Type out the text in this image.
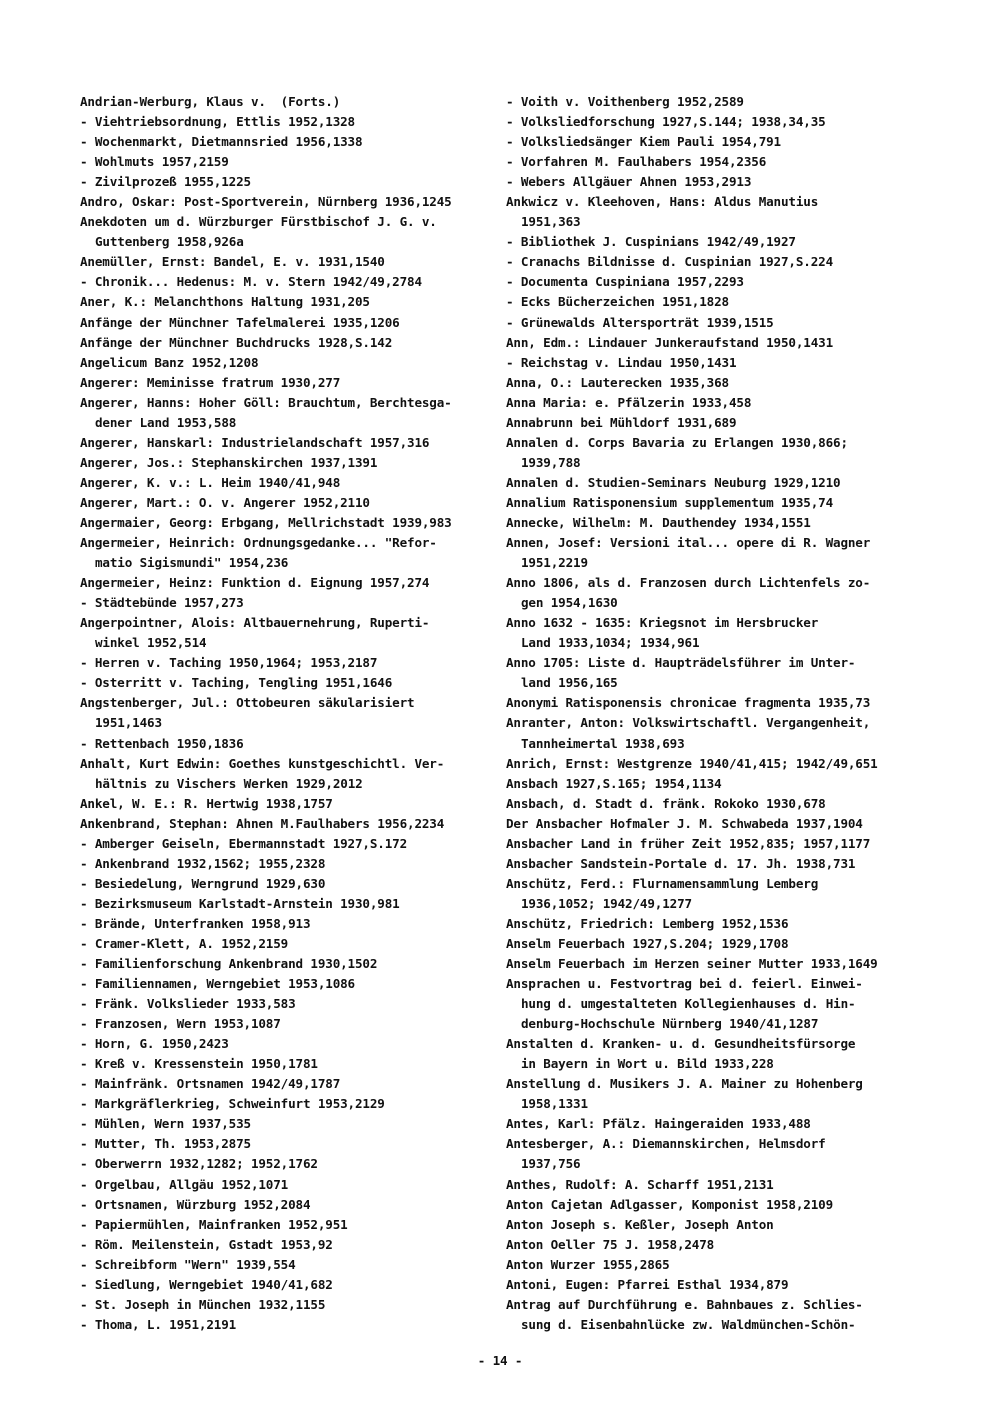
Andrian-Werburg, Klaus v.  (Forts.)
- Viehtriebsordnung, Ettlis 1952,1328
- Wochenmarkt, Dietmannsried 1956,1338
- Wohlmuts 1957,2159
- Zivilprozeß 1955,1225
Andro, Oskar: Post-Sportverein, Nürnberg 1936,1245
Anekdoten um d. Würzburger Fürstbischof J. G. v.
Guttenberg 1958,926a
Anemüller, Ernst: Bandel, E. v. 1931,1540
- Chronik... Hedenus: M. v. Stern 1942/49,2784
Aner, K.: Melanchthons Haltung 1931,205
Anfänge der Münchner Tafelmalerei 1935,1206
Anfänge der Münchner Buchdrucks 1928,S.142
Angelicum Banz 1952,1208
Angerer: Meminisse fratrum 1930,277
Angerer, Hanns: Hoher Göll: Brauchtum, Berchtesga-
dener Land 1953,588
Angerer, Hanskarl: Industrielandschaft 1957,316
Angerer, Jos.: Stephanskirchen 1937,1391
Angerer, K. v.: L. Heim 1940/41,948
Angerer, Mart.: O. v. Angerer 1952,2110
Angermaier, Georg: Erbgang, Mellrichstadt 1939,983
Angermeier, Heinrich: Ordnungsgedanke... "Refor-
matio Sigismundi" 1954,236
Angermeier, Heinz: Funktion d. Eignung 1957,274
- Städtebünde 1957,273
Angerpointner, Alois: Altbauernehrung, Ruperti-
winkel 1952,514
- Herren v. Taching 1950,1964; 1953,2187
- Osterritt v. Taching, Tengling 1951,1646
Angstenberger, Jul.: Ottobeuren säkularisiert
1951,1463
- Rettenbach 1950,1836
Anhalt, Kurt Edwin: Goethes kunstgeschichtl. Ver-
hältnis zu Vischers Werken 1929,2012
Ankel, W. E.: R. Hertwig 1938,1757
Ankenbrand, Stephan: Ahnen M.Faulhabers 1956,2234
- Amberger Geiseln, Ebermannstadt 1927,S.172
- Ankenbrand 1932,1562; 1955,2328
- Besiedelung, Werngrund 1929,630
- Bezirksmuseum Karlstadt-Arnstein 1930,981
- Brände, Unterfranken 1958,913
- Cramer-Klett, A. 1952,2159
- Familienforschung Ankenbrand 1930,1502
- Familiennamen, Werngebiet 1953,1086
- Fränk. Volkslieder 1933,583
- Franzosen, Wern 1953,1087
- Horn, G. 1950,2423
- Kreß v. Kressenstein 1950,1781
- Mainfränk. Ortsnamen 1942/49,1787
- Markgräflerkrieg, Schweinfurt 1953,2129
- Mühlen, Wern 1937,535
- Mutter, Th. 1953,2875
- Oberwerrn 1932,1282; 1952,1762
- Orgelbau, Allgäu 1952,1071
- Ortsnamen, Würzburg 1952,2084
- Papiermühlen, Mainfranken 1952,951
- Röm. Meilenstein, Gstadt 1953,92
- Schreibform "Wern" 1939,554
- Siedlung, Werngebiet 1940/41,682
- St. Joseph in München 1932,1155
- Thoma, L. 1951,2191
- Voith v. Voithenberg 1952,2589
- Volksliedforschung 1927,S.144; 1938,34,35
- Volksliedsänger Kiem Pauli 1954,791
- Vorfahren M. Faulhabers 1954,2356
- Webers Allgäuer Ahnen 1953,2913
Ankwicz v. Kleehoven, Hans: Aldus Manutius
1951,363
- Bibliothek J. Cuspinians 1942/49,1927
- Cranachs Bildnisse d. Cuspinian 1927,S.224
- Documenta Cuspiniana 1957,2293
- Ecks Bücherzeichen 1951,1828
- Grünewalds Altersporträt 1939,1515
Ann, Edm.: Lindauer Junkeraufstand 1950,1431
- Reichstag v. Lindau 1950,1431
Anna, O.: Lauterecken 1935,368
Anna Maria: e. Pfälzerin 1933,458
Annabrunn bei Mühldorf 1931,689
Annalen d. Corps Bavaria zu Erlangen 1930,866;
1939,788
Annalen d. Studien-Seminars Neuburg 1929,1210
Annalium Ratisponensium supplementum 1935,74
Annecke, Wilhelm: M. Dauthendey 1934,1551
Annen, Josef: Versioni ital... opere di R. Wagner
1951,2219
Anno 1806, als d. Franzosen durch Lichtenfels zo-
gen 1954,1630
Anno 1632 - 1635: Kriegsnot im Hersbrucker
Land 1933,1034; 1934,961
Anno 1705: Liste d. Haupträdelsführer im Unter-
land 1956,165
Anonymi Ratisponensis chronicae fragmenta 1935,73
Anranter, Anton: Volkswirtschaftl. Vergangenheit,
Tannheimertal 1938,693
Anrich, Ernst: Westgrenze 1940/41,415; 1942/49,651
Ansbach 1927,S.165; 1954,1134
Ansbach, d. Stadt d. fränk. Rokoko 1930,678
Der Ansbacher Hofmaler J. M. Schwabeda 1937,1904
Ansbacher Land in früher Zeit 1952,835; 1957,1177
Ansbacher Sandstein-Portale d. 17. Jh. 1938,731
Anschütz, Ferd.: Flurnamensammlung Lemberg
1936,1052; 1942/49,1277
Anschütz, Friedrich: Lemberg 1952,1536
Anselm Feuerbach 1927,S.204; 1929,1708
Anselm Feuerbach im Herzen seiner Mutter 1933,1649
Ansprachen u. Festvortrag bei d. feierl. Einwei-
hung d. umgestalteten Kollegienhauses d. Hin-
denburg-Hochschule Nürnberg 1940/41,1287
Anstalten d. Kranken- u. d. Gesundheitsfürsorge
in Bayern in Wort u. Bild 1933,228
Anstellung d. Musikers J. A. Mainer zu Hohenberg
1958,1331
Antes, Karl: Pfälz. Haingeraiden 1933,488
Antesberger, A.: Diemannskirchen, Helmsdorf
1937,756
Anthes, Rudolf: A. Scharff 1951,2131
Anton Cajetan Adlgasser, Komponist 1958,2109
Anton Joseph s. Keßler, Joseph Anton
Anton Oeller 75 J. 1958,2478
Anton Wurzer 1955,2865
Antoni, Eugen: Pfarrei Esthal 1934,879
Antrag auf Durchführung e. Bahnbaues z. Schlies-
sung d. Eisenbahnlücke zw. Waldmünchen-Schön-
- 14 -
